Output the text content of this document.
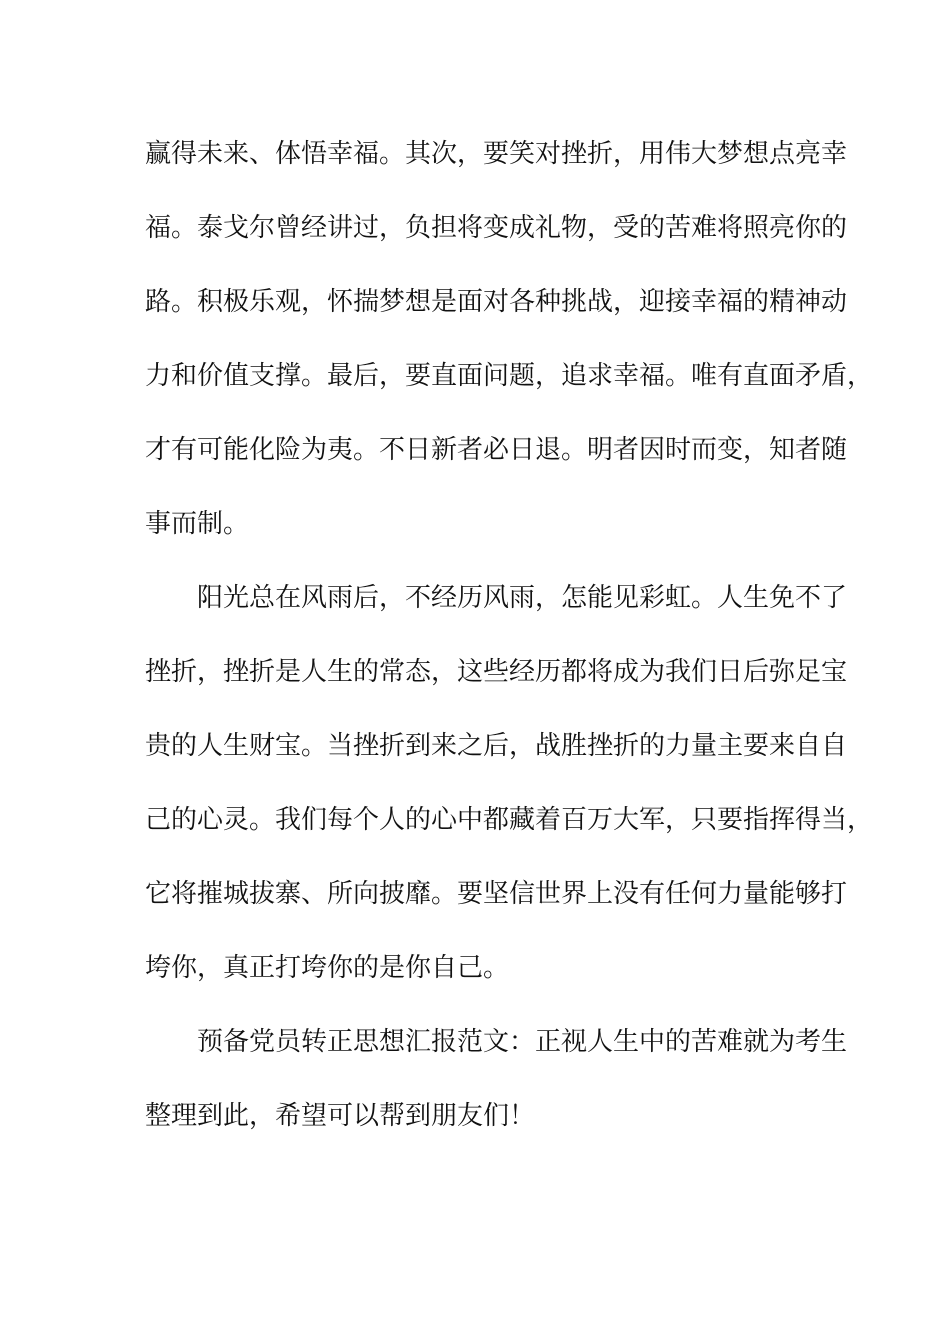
赢得未来、体悟幸福。其次，要笑对挫折，用伟大梦想点亮幸
福。泰戈尔曾经讲过，负担将变成礼物，受的苦难将照亮你的
路。积极乐观，怀揣梦想是面对各种挑战，迎接幸福的精神动
力和价值支撑。最后，要直面问题，追求幸福。唯有直面矛盾，
才有可能化险为夷。不日新者必日退。明者因时而变，知者随
事而制。
阳光总在风雨后，不经历风雨，怎能见彩虹。人生免不了
挫折，挫折是人生的常态，这些经历都将成为我们日后弥足宝
贵的人生财宝。当挫折到来之后，战胜挫折的力量主要来自自
己的心灵。我们每个人的心中都藏着百万大军，只要指挥得当，
它将摧城拔寨、所向披靡。要坚信世界上没有任何力量能够打
垮你，真正打垮你的是你自己。
预备党员转正思想汇报范文：正视人生中的苦难就为考生
整理到此，希望可以帮到朋友们！
